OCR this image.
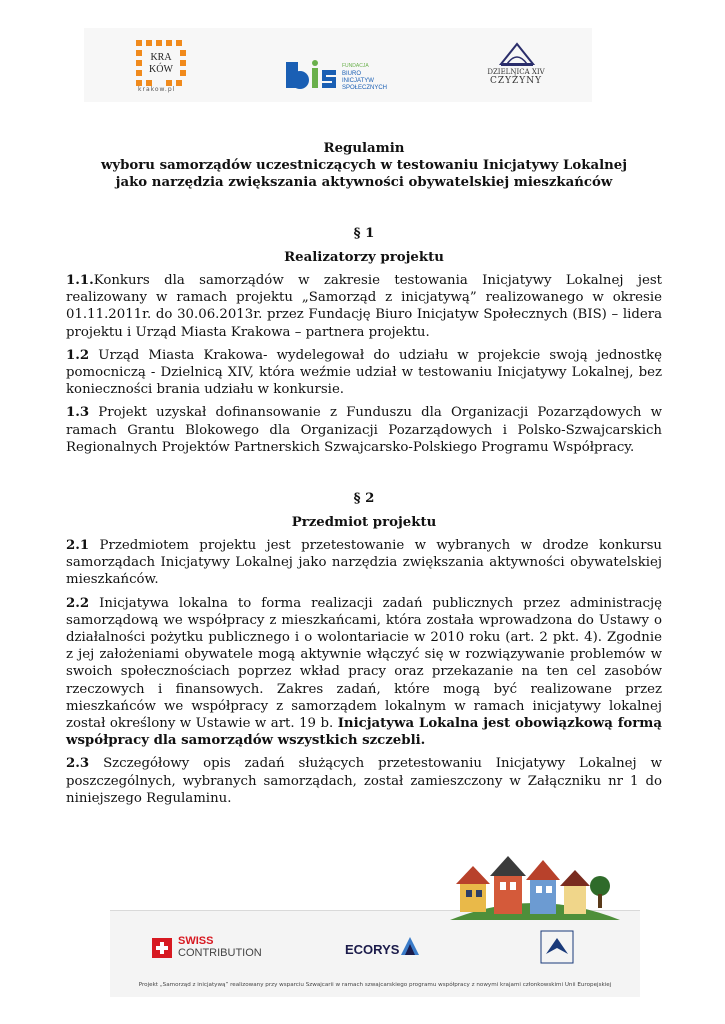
KRA
KÓW
krakow.pl
FUNDACJA
BIURO
INICJATYW
SPOŁECZNYCH
DZIELNICA XIV
CZYŻYNY
Regulamin
wyboru samorządów uczestniczących w testowaniu Inicjatywy Lokalnej
jako narzędzia zwiększania aktywności obywatelskiej mieszkańców
§ 1
Realizatorzy projektu

1.1.Konkurs dla samorządów w zakresie testowania Inicjatywy Lokalnej jest realizowany w ramach projektu „Samorząd z inicjatywą” realizowanego w okresie 01.11.2011r. do 30.06.2013r. przez Fundację Biuro Inicjatyw Społecznych (BIS) – lidera projektu i Urząd Miasta Krakowa – partnera projektu.

1.2 Urząd Miasta Krakowa- wydelegował do udziału w projekcie swoją jednostkę pomocniczą - Dzielnicą XIV, która weźmie udział w testowaniu Inicjatywy Lokalnej, bez konieczności brania udziału w konkursie.

1.3 Projekt uzyskał dofinansowanie z Funduszu dla Organizacji Pozarządowych w ramach Grantu Blokowego dla Organizacji Pozarządowych i Polsko-Szwajcarskich Regionalnych Projektów Partnerskich Szwajcarsko-Polskiego Programu Współpracy.

§ 2
Przedmiot projektu

2.1 Przedmiotem projektu jest przetestowanie w wybranych w drodze konkursu samorządach Inicjatywy Lokalnej jako narzędzia zwiększania aktywności obywatelskiej mieszkańców.

2.2 Inicjatywa lokalna to forma realizacji zadań publicznych przez administrację samorządową we współpracy z mieszkańcami, która została wprowadzona do Ustawy o działalności pożytku publicznego i o wolontariacie w 2010 roku (art. 2 pkt. 4). Zgodnie z jej założeniami obywatele mogą aktywnie włączyć się w rozwiązywanie problemów w swoich społecznościach poprzez wkład pracy oraz przekazanie na ten cel zasobów rzeczowych i finansowych. Zakres zadań, które mogą być realizowane przez mieszkańców we współpracy z samorządem lokalnym w ramach inicjatywy lokalnej został określony w Ustawie w art. 19 b. Inicjatywa Lokalna jest obowiązkową formą współpracy dla samorządów wszystkich szczebli.

2.3 Szczegółowy opis zadań służących przetestowaniu Inicjatywy Lokalnej w poszczególnych, wybranych samorządach, został zamieszczony w Załączniku nr 1 do niniejszego Regulaminu.

SWISS
CONTRIBUTION	ECORYS
Projekt „Samorząd z inicjatywą” realizowany przy wsparciu Szwajcarii w ramach szwajcarskiego programu współpracy z nowymi krajami członkowskimi Unii Europejskiej
